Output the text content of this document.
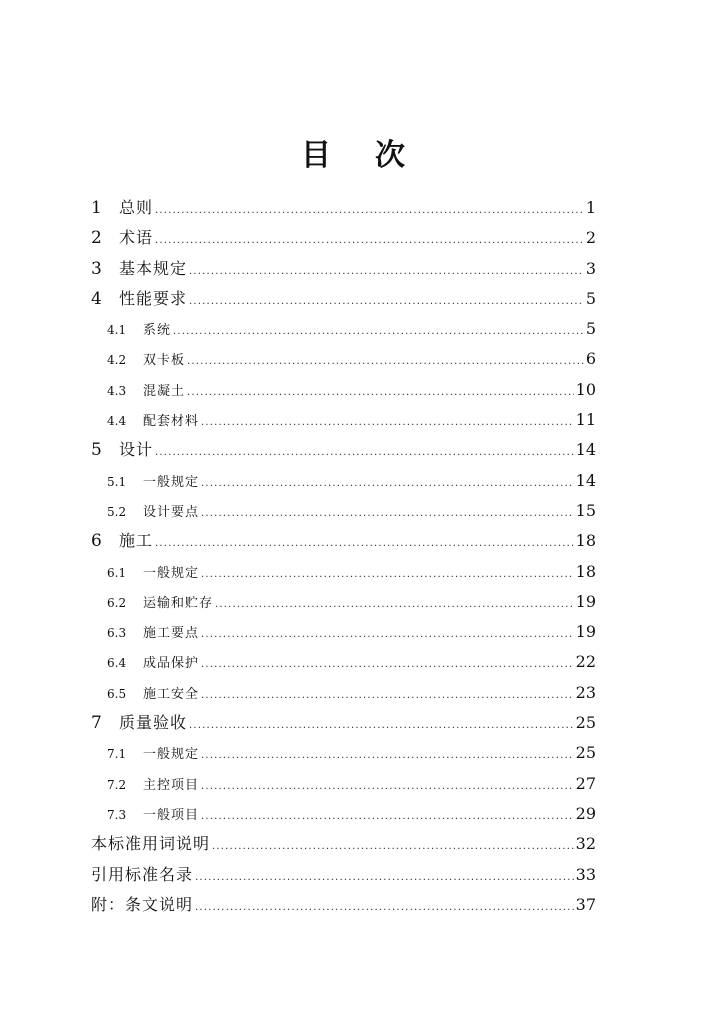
目 次
1	总则 .....	1
2	术语 .....	2
3	基本规定 .....	3
4	性能要求 .....	5
4.1	系统 .....	5
4.2	双卡板 .....	6
4.3	混凝土 .....	10
4.4	配套材料 .....	11
5	设计 .....	14
5.1	一般规定 .....	14
5.2	设计要点 .....	15
6	施工 .....	18
6.1	一般规定 .....	18
6.2	运输和贮存 .....	19
6.3	施工要点 .....	19
6.4	成品保护 .....	22
6.5	施工安全 .....	23
7	质量验收 .....	25
7.1	一般规定 .....	25
7.2	主控项目 .....	27
7.3	一般项目 .....	29
本标准用词说明 .....	32
引用标准名录 .....	33
附：条文说明 .....	37
